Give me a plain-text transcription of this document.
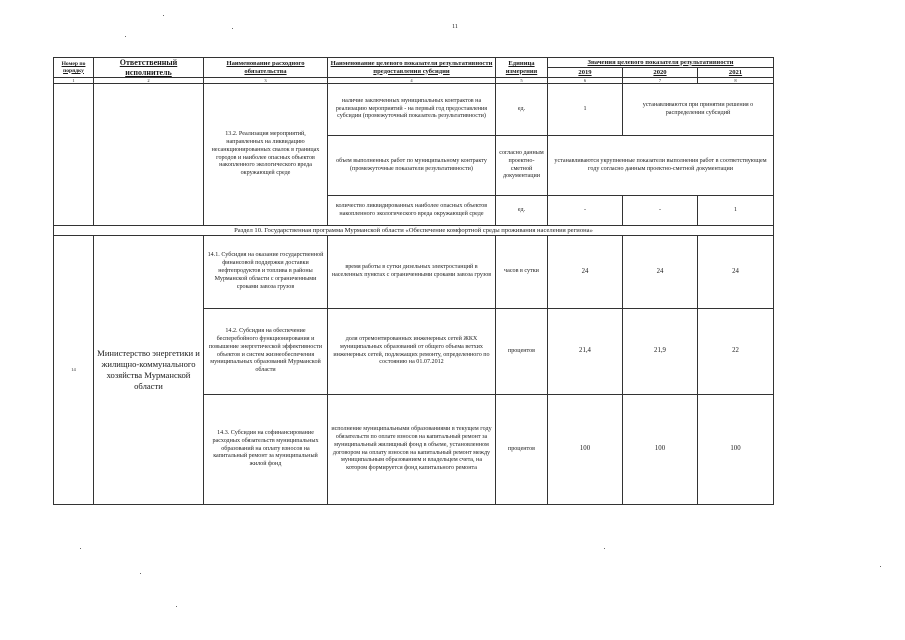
11
Номер по порядку	Ответственный исполнитель	Наименование расходного обязательства	Наименование целевого показателя результативности предоставления субсидии	Единица измерения	Значения целевого показателя результативности		
					2019	2020	2021
1	2	3	4	5	6	7	8
		13.2. Реализация мероприятий, направленных на ликвидацию несанкционированных свалок в границах городов и наиболее опасных объектов накопленного экологического вреда окружающей среде	наличие заключенных муниципальных контрактов на реализацию мероприятий - на первый год предоставления субсидии (промежуточный показатель результативности)	ед.	1	устанавливаются при принятии решения о распределении субсидий	
			объем выполненных работ по муниципальному контракту (промежуточные показатели результативности)	согласно данным проектно-сметной документации	устанавливаются укрупненные показатели выполнения работ в соответствующем году согласно данным проектно-сметной документации		
			количество ликвидированных наиболее опасных объектов накопленного экологического вреда окружающей среде	ед.	-	-	1
Раздел 10. Государственная программа Мурманской области «Обеспечение комфортной среды проживания населения региона»							
14	Министерство энергетики и жилищно-коммунального хозяйства Мурманской области	14.1. Субсидия на оказание государственной финансовой поддержки доставки нефтепродуктов и топлива в районы Мурманской области с ограниченными сроками завоза грузов	время работы в сутки дизельных электростанций в населенных пунктах с ограниченными сроками завоза грузов	часов в сутки	24	24	24
		14.2. Субсидия на обеспечение бесперебойного функционирования и повышение энергетической эффективности объектов и систем жизнеобеспечения муниципальных образований Мурманской области	доля отремонтированных инженерных сетей ЖКХ муниципальных образований от общего объема ветхих инженерных сетей, подлежащих ремонту, определенного по состоянию на 01.07.2012	процентов	21,4	21,9	22
		14.3. Субсидия на софинансирование расходных обязательств муниципальных образований на оплату взносов на капитальный ремонт за муниципальный жилой фонд	исполнение муниципальными образованиями в текущем году обязательств по оплате взносов на капитальный ремонт за муниципальный жилищный фонд в объеме, установленном договором на оплату взносов на капитальный ремонт между муниципальным образованием и владельцем счета, на котором формируется фонд капитального ремонта	процентов	100	100	100
